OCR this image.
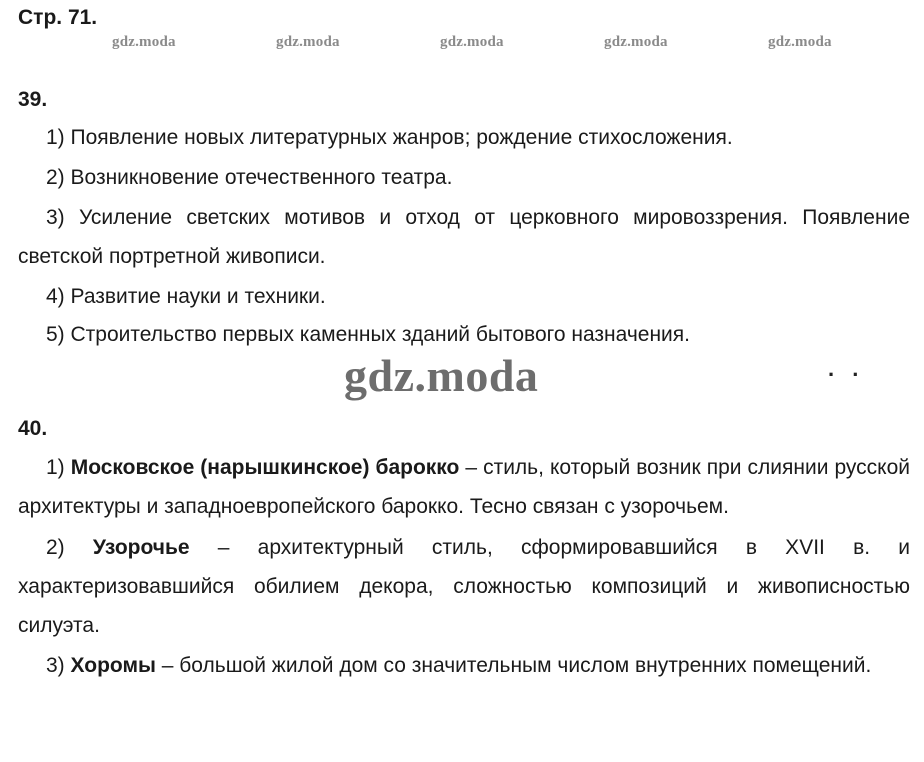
Стр. 71.
gdz.moda	gdz.moda	gdz.moda	gdz.moda	gdz.moda
39.

1) Появление новых литературных жанров; рождение стихосложения.

2) Возникновение отечественного театра.

3) Усиление светских мотивов и отход от церковного мировоззрения. Появление светской портретной живописи.

4) Развитие науки и техники.

5) Строительство первых каменных зданий бытового назначения.

gdz.moda	. .
40.

1) Московское (нарышкинское) барокко – стиль, который возник при слиянии русской архитектуры и западноевропейского барокко. Тесно связан с узорочьем.

2) Узорочье – архитектурный стиль, сформировавшийся в XVII в. и характеризовавшийся обилием декора, сложностью композиций и живописностью силуэта.

3) Хоромы – большой жилой дом со значительным числом внутренних помещений.
